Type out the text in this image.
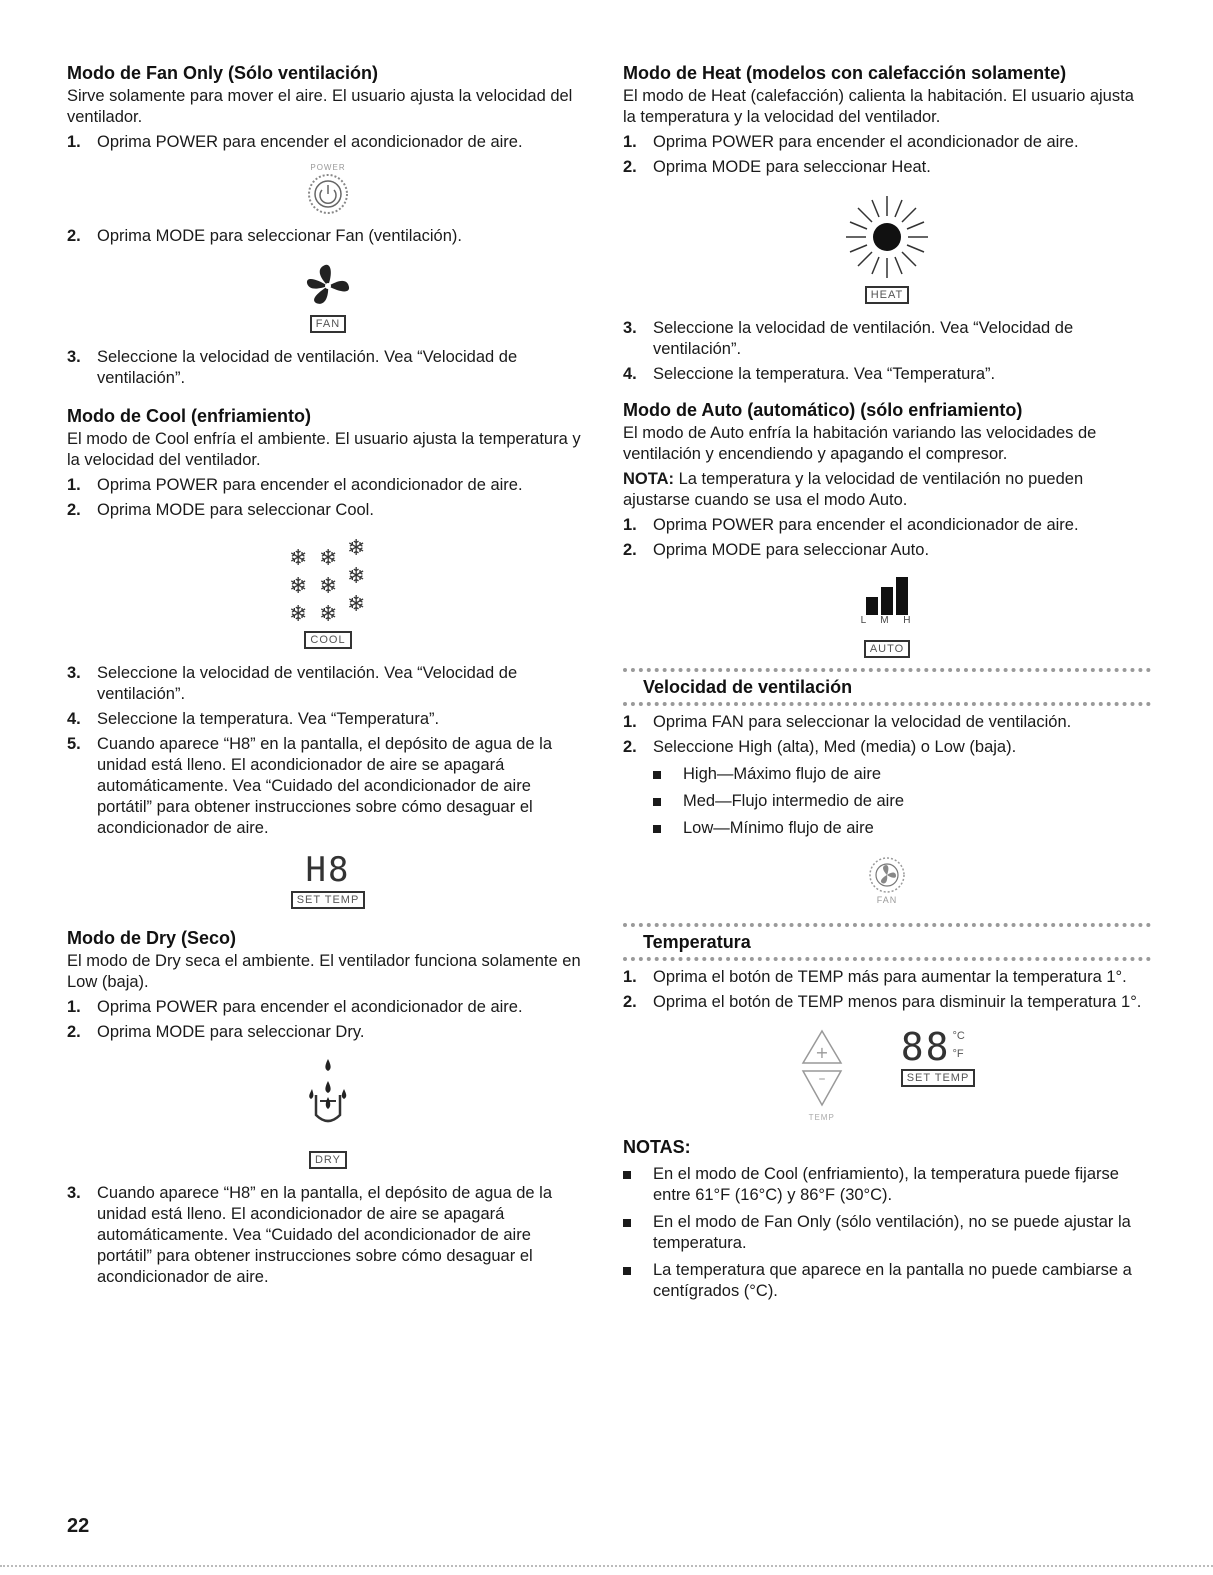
Modo de Fan Only (Sólo ventilación)

Sirve solamente para mover el aire. El usuario ajusta la velocidad del ventilador.

1. Oprima POWER para encender el acondicionador de aire.
POWER
2. Oprima MODE para seleccionar Fan (ventilación).
FAN
3. Seleccione la velocidad de ventilación. Vea “Velocidad de ventilación”.
Modo de Cool (enfriamiento)

El modo de Cool enfría el ambiente. El usuario ajusta la temperatura y la velocidad del ventilador.

1. Oprima POWER para encender el acondicionador de aire.
2. Oprima MODE para seleccionar Cool.
❄ ❄ ❄
❄ ❄ ❄
❄ ❄ ❄
COOL
3. Seleccione la velocidad de ventilación. Vea “Velocidad de ventilación”.
4. Seleccione la temperatura. Vea “Temperatura”.
5. Cuando aparece “H8” en la pantalla, el depósito de agua de la unidad está lleno. El acondicionador de aire se apagará automáticamente. Vea “Cuidado del acondicionador de aire portátil” para obtener instrucciones sobre cómo desaguar el acondicionador de aire.
H8
SET TEMP
Modo de Dry (Seco)

El modo de Dry seca el ambiente. El ventilador funciona solamente en Low (baja).

1. Oprima POWER para encender el acondicionador de aire.
2. Oprima MODE para seleccionar Dry.
DRY
3. Cuando aparece “H8” en la pantalla, el depósito de agua de la unidad está lleno. El acondicionador de aire se apagará automáticamente. Vea “Cuidado del acondicionador de aire portátil” para obtener instrucciones sobre cómo desaguar el acondicionador de aire.
Modo de Heat (modelos con calefacción solamente)

El modo de Heat (calefacción) calienta la habitación. El usuario ajusta la temperatura y la velocidad del ventilador.

1. Oprima POWER para encender el acondicionador de aire.
2. Oprima MODE para seleccionar Heat.
HEAT
3. Seleccione la velocidad de ventilación. Vea “Velocidad de ventilación”.
4. Seleccione la temperatura. Vea “Temperatura”.
Modo de Auto (automático) (sólo enfriamiento)

El modo de Auto enfría la habitación variando las velocidades de ventilación y encendiendo y apagando el compresor.

NOTA: La temperatura y la velocidad de ventilación no pueden ajustarse cuando se usa el modo Auto.

1. Oprima POWER para encender el acondicionador de aire.
2. Oprima MODE para seleccionar Auto.
L  M  H
AUTO
Velocidad de ventilación
1. Oprima FAN para seleccionar la velocidad de ventilación.
2. Seleccione High (alta), Med (media) o Low (baja).
High—Máximo flujo de aire
Med—Flujo intermedio de aire
Low—Mínimo flujo de aire
FAN
Temperatura
1. Oprima el botón de TEMP más para aumentar la temperatura 1°.
2. Oprima el botón de TEMP menos para disminuir la temperatura 1°.
+
–
TEMP
88 °C
°F
SET TEMP
NOTAS:
En el modo de Cool (enfriamiento), la temperatura puede fijarse entre 61°F (16°C) y 86°F (30°C).
En el modo de Fan Only (sólo ventilación), no se puede ajustar la temperatura.
La temperatura que aparece en la pantalla no puede cambiarse a centígrados (°C).
22
